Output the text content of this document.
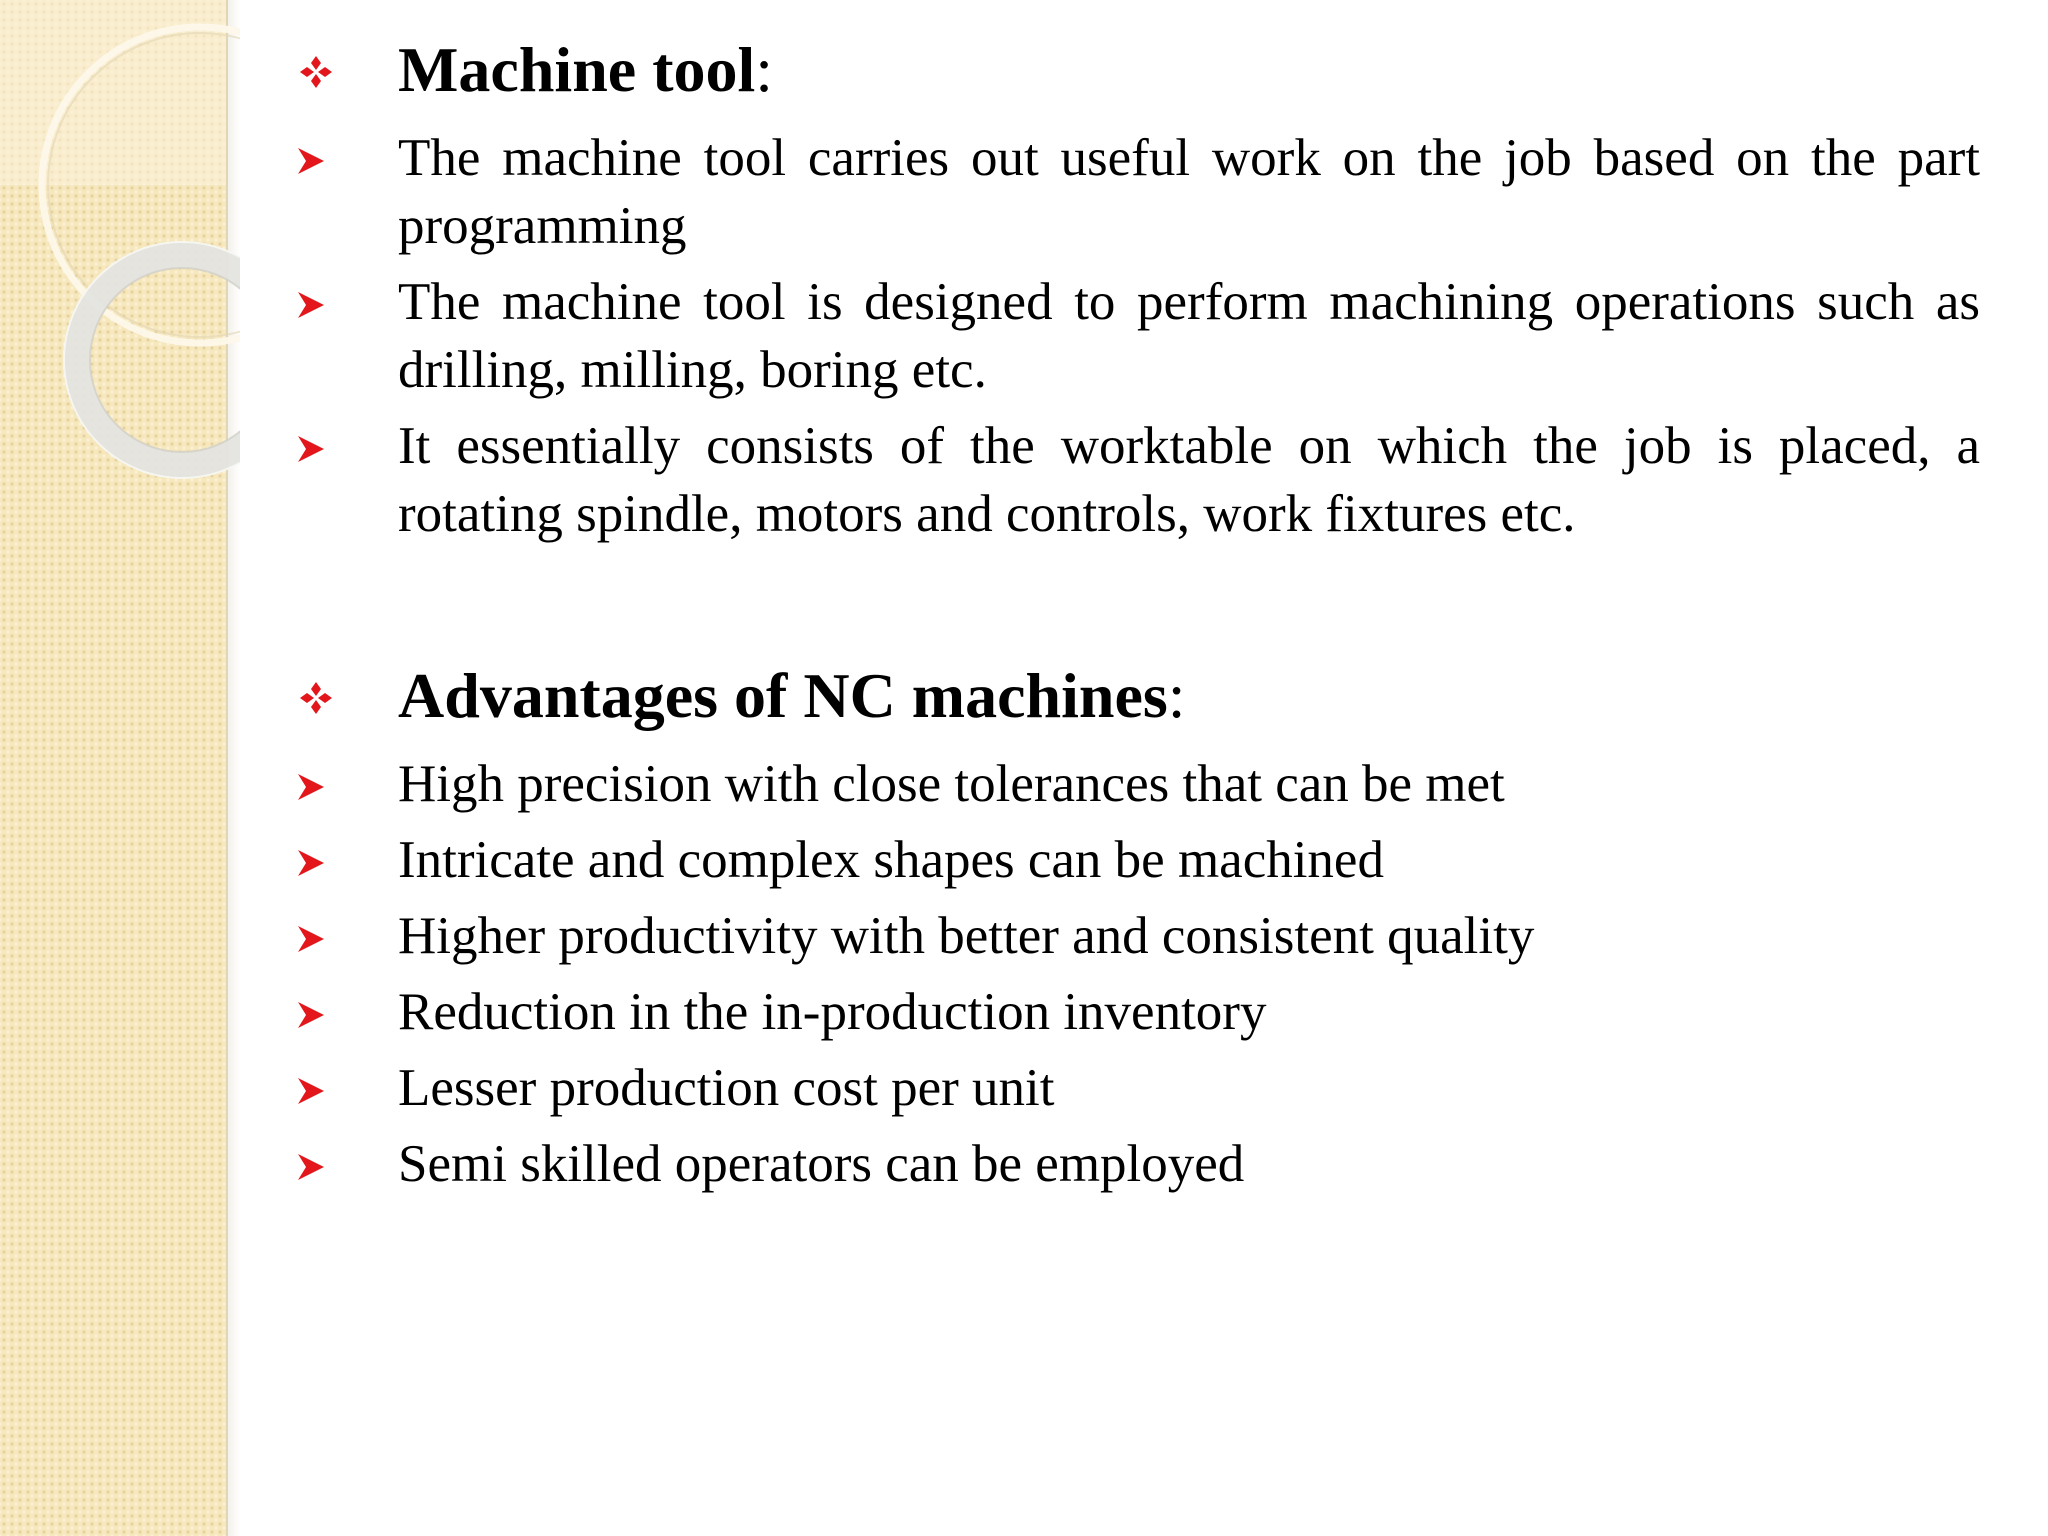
Machine tool:
The machine tool carries out useful work on the job based on the part programming
The machine tool is designed to perform machining operations such as drilling, milling, boring etc.
It essentially consists of the worktable on which the job is placed, a rotating spindle, motors and controls, work fixtures etc.
Advantages of NC machines:
High precision with close tolerances that can be met
Intricate and complex shapes can be machined
Higher productivity with better and consistent quality
Reduction in the in-production inventory
Lesser production cost per unit
Semi skilled operators can be employed
